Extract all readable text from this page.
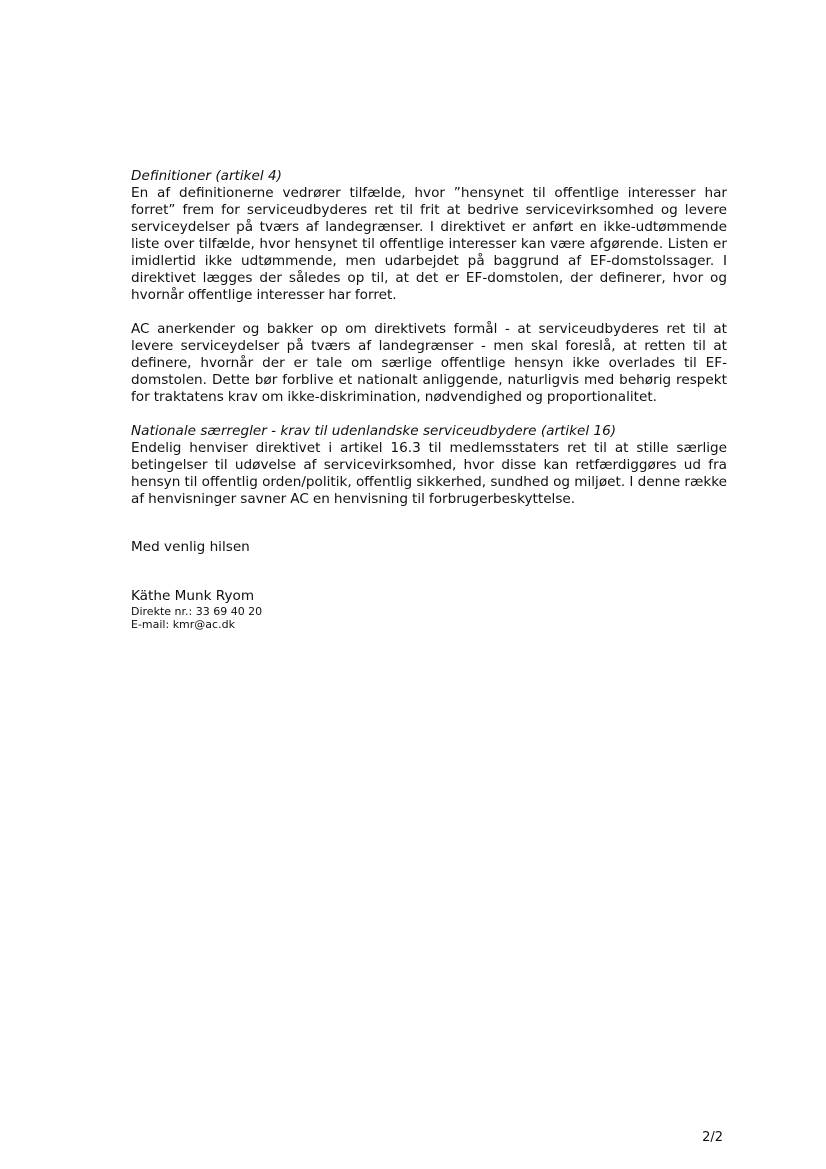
Definitioner (artikel 4)

En af definitionerne vedrører tilfælde, hvor ”hensynet til offentlige interesser har forret” frem for serviceudbyderes ret til frit at bedrive servicevirksomhed og levere serviceydelser på tværs af landegrænser. I direktivet er anført en ikke-udtømmende liste over tilfælde, hvor hensynet til offentlige interesser kan være afgørende. Listen er imidlertid ikke udtømmende, men udarbejdet på baggrund af EF-domstolssager. I direktivet lægges der således op til, at det er EF-domstolen, der definerer, hvor og hvornår offentlige interesser har forret.

AC anerkender og bakker op om direktivets formål - at serviceudbyderes ret til at levere serviceydelser på tværs af landegrænser - men skal foreslå, at retten til at definere, hvornår der er tale om særlige offentlige hensyn ikke overlades til EF-domstolen. Dette bør forblive et nationalt anliggende, naturligvis med behørig respekt for traktatens krav om ikke-diskrimination, nødvendighed og proportionalitet.

Nationale særregler - krav til udenlandske serviceudbydere (artikel 16)

Endelig henviser direktivet i artikel 16.3 til medlemsstaters ret til at stille særlige betingelser til udøvelse af servicevirksomhed, hvor disse kan retfærdiggøres ud fra hensyn til offentlig orden/politik, offentlig sikkerhed, sundhed og miljøet. I denne række af henvisninger savner AC en henvisning til forbrugerbeskyttelse.

Med venlig hilsen

Käthe Munk Ryom

Direkte nr.: 33 69 40 20

E-mail: kmr@ac.dk

2/2
